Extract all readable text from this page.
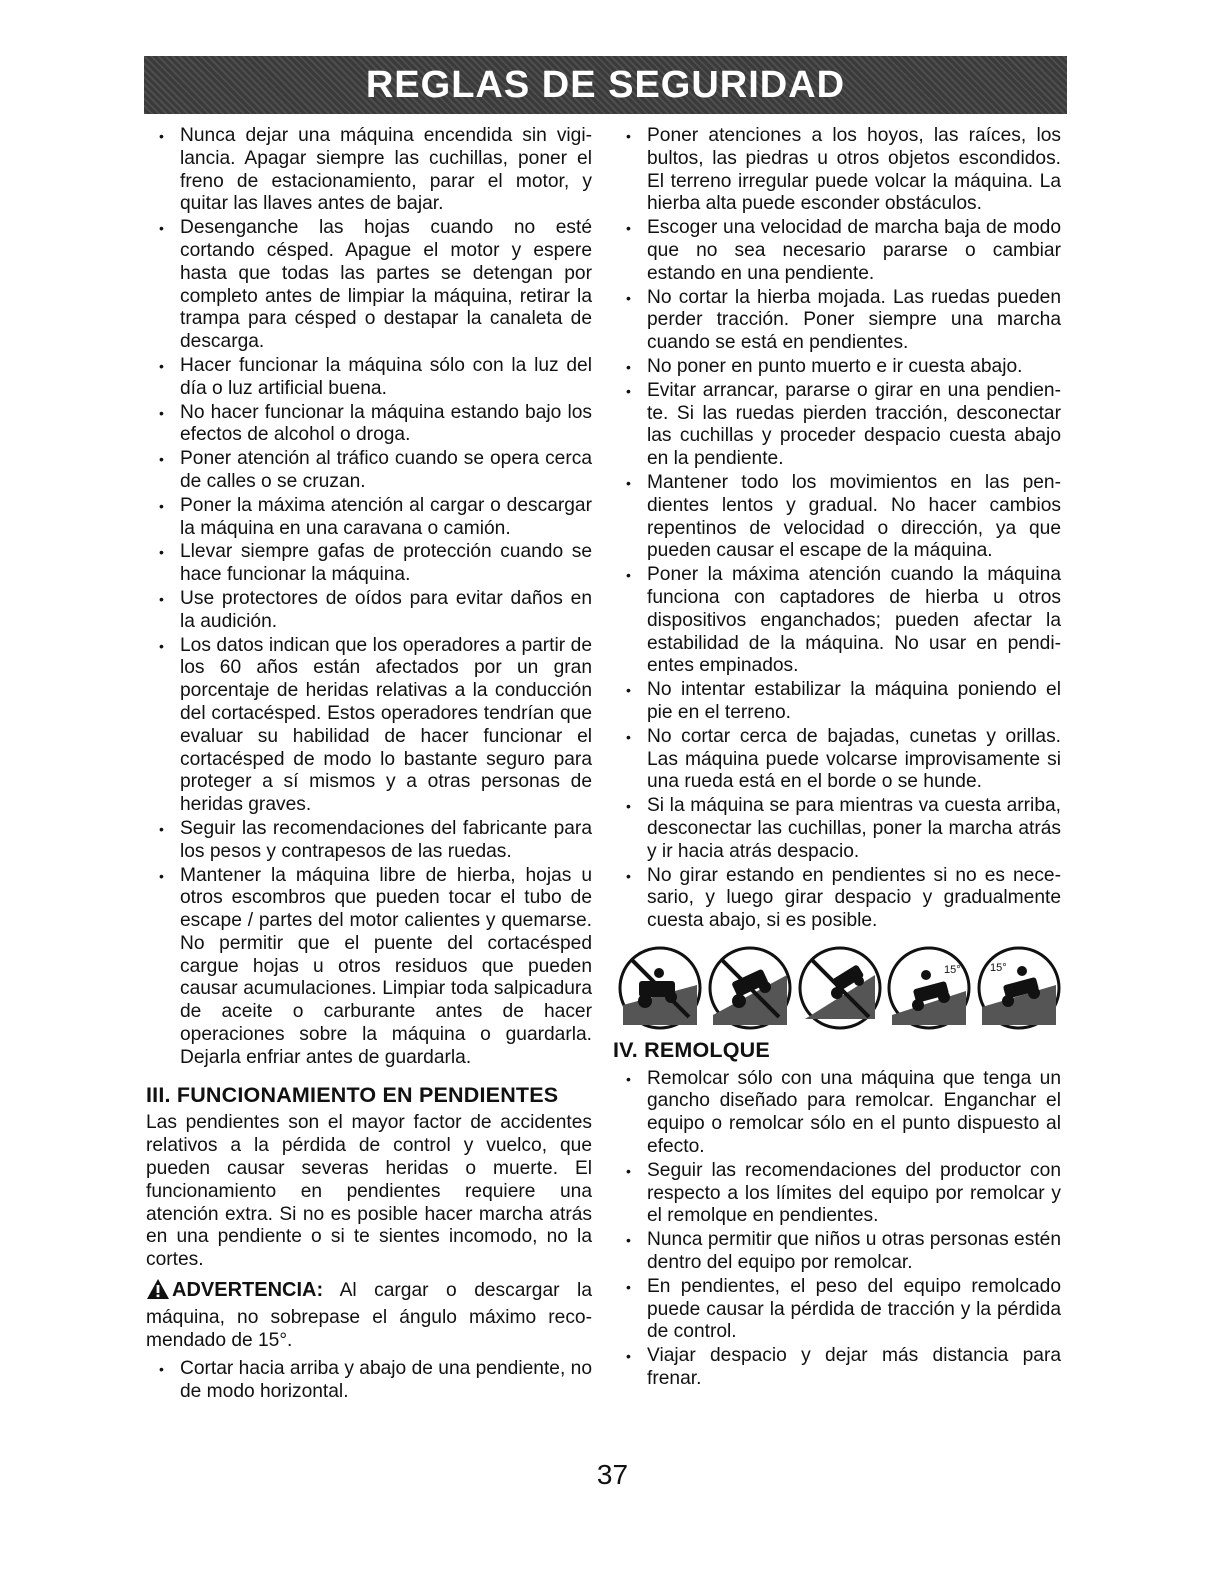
REGLAS DE SEGURIDAD
• Nunca dejar una máquina encendida sin vigilancia. Apagar siempre las cuchillas, poner el freno de estacionamiento, parar el motor, y quitar las llaves antes de bajar.
• Desenganche las hojas cuando no esté cortando césped. Apague el motor y espere hasta que todas las partes se detengan por completo antes de limpiar la máquina, retirar la trampa para césped o destapar la canaleta de descarga.
• Hacer funcionar la máquina sólo con la luz del día o luz artificial buena.
• No hacer funcionar la máquina estando bajo los efectos de alcohol o droga.
• Poner atención al tráfico cuando se opera cerca de calles o se cruzan.
• Poner la máxima atención al cargar o descargar la máquina en una caravana o camión.
• Llevar siempre gafas de protección cuando se hace funcionar la máquina.
• Use protectores de oídos para evitar daños en la audición.
• Los datos indican que los operadores a partir de los 60 años están afectados por un gran porcentaje de heridas relativas a la conducción del cortacésped. Estos operadores tendrían que evaluar su habilidad de hacer funcionar el cortacésped de modo lo bastante seguro para proteger a sí mismos y a otras personas de heridas graves.
• Seguir las recomendaciones del fabricante para los pesos y contrapesos de las ruedas.
• Mantener la máquina libre de hierba, hojas u otros escombros que pueden tocar el tubo de escape / partes del motor calientes y quemarse. No permitir que el puente del cortacésped cargue hojas u otros residuos que pueden causar acumulaciones. Limpiar toda salpicadura de aceite o carburante antes de hacer operaciones sobre la máquina o guardarla. Dejarla enfriar antes de guardarla.
III. FUNCIONAMIENTO EN PENDIENTES
Las pendientes son el mayor factor de accidentes relativos a la pérdida de control y vuelco, que pueden causar severas heridas o muerte. El funcionamiento en pendientes requiere una atención extra. Si no es posible hacer marcha atrás en una pendiente o si te sientes incomodo, no la cortes.
ADVERTENCIA: Al cargar o descargar la máquina, no sobrepase el ángulo máximo recomendado de 15°.
• Cortar hacia arriba y abajo de una pendiente, no de modo horizontal.
• Poner atenciones a los hoyos, las raíces, los bultos, las piedras u otros objetos escondidos. El terreno irregular puede volcar la máquina. La hierba alta puede esconder obstáculos.
• Escoger una velocidad de marcha baja de modo que no sea necesario pararse o cambiar estando en una pendiente.
• No cortar la hierba mojada. Las ruedas pueden perder tracción. Poner siempre una marcha cuando se está en pendientes.
• No poner en punto muerto e ir cuesta abajo.
• Evitar arrancar, pararse o girar en una pendiente. Si las ruedas pierden tracción, desconectar las cuchillas y proceder despacio cuesta abajo en la pendiente.
• Mantener todo los movimientos en las pendientes lentos y gradual. No hacer cambios repentinos de velocidad o dirección, ya que pueden causar el escape de la máquina.
• Poner la máxima atención cuando la máquina funciona con captadores de hierba u otros dispositivos enganchados; pueden afectar la estabilidad de la máquina. No usar en pendientes empinados.
• No intentar estabilizar la máquina poniendo el pie en el terreno.
• No cortar cerca de bajadas, cunetas y orillas. Las máquina puede volcarse improvisamente si una rueda está en el borde o se hunde.
• Si la máquina se para mientras va cuesta arriba, desconectar las cuchillas, poner la marcha atrás y ir hacia atrás despacio.
• No girar estando en pendientes si no es necesario, y luego girar despacio y gradualmente cuesta abajo, si es posible.
15°	15°
IV. REMOLQUE
• Remolcar sólo con una máquina que tenga un gancho diseñado para remolcar. Enganchar el equipo o remolcar sólo en el punto dispuesto al efecto.
• Seguir las recomendaciones del productor con respecto a los límites del equipo por remolcar y el remolque en pendientes.
• Nunca permitir que niños u otras personas estén dentro del equipo por remolcar.
• En pendientes, el peso del equipo remolcado puede causar la pérdida de tracción y la pérdida de control.
• Viajar despacio y dejar más distancia para frenar.
37
